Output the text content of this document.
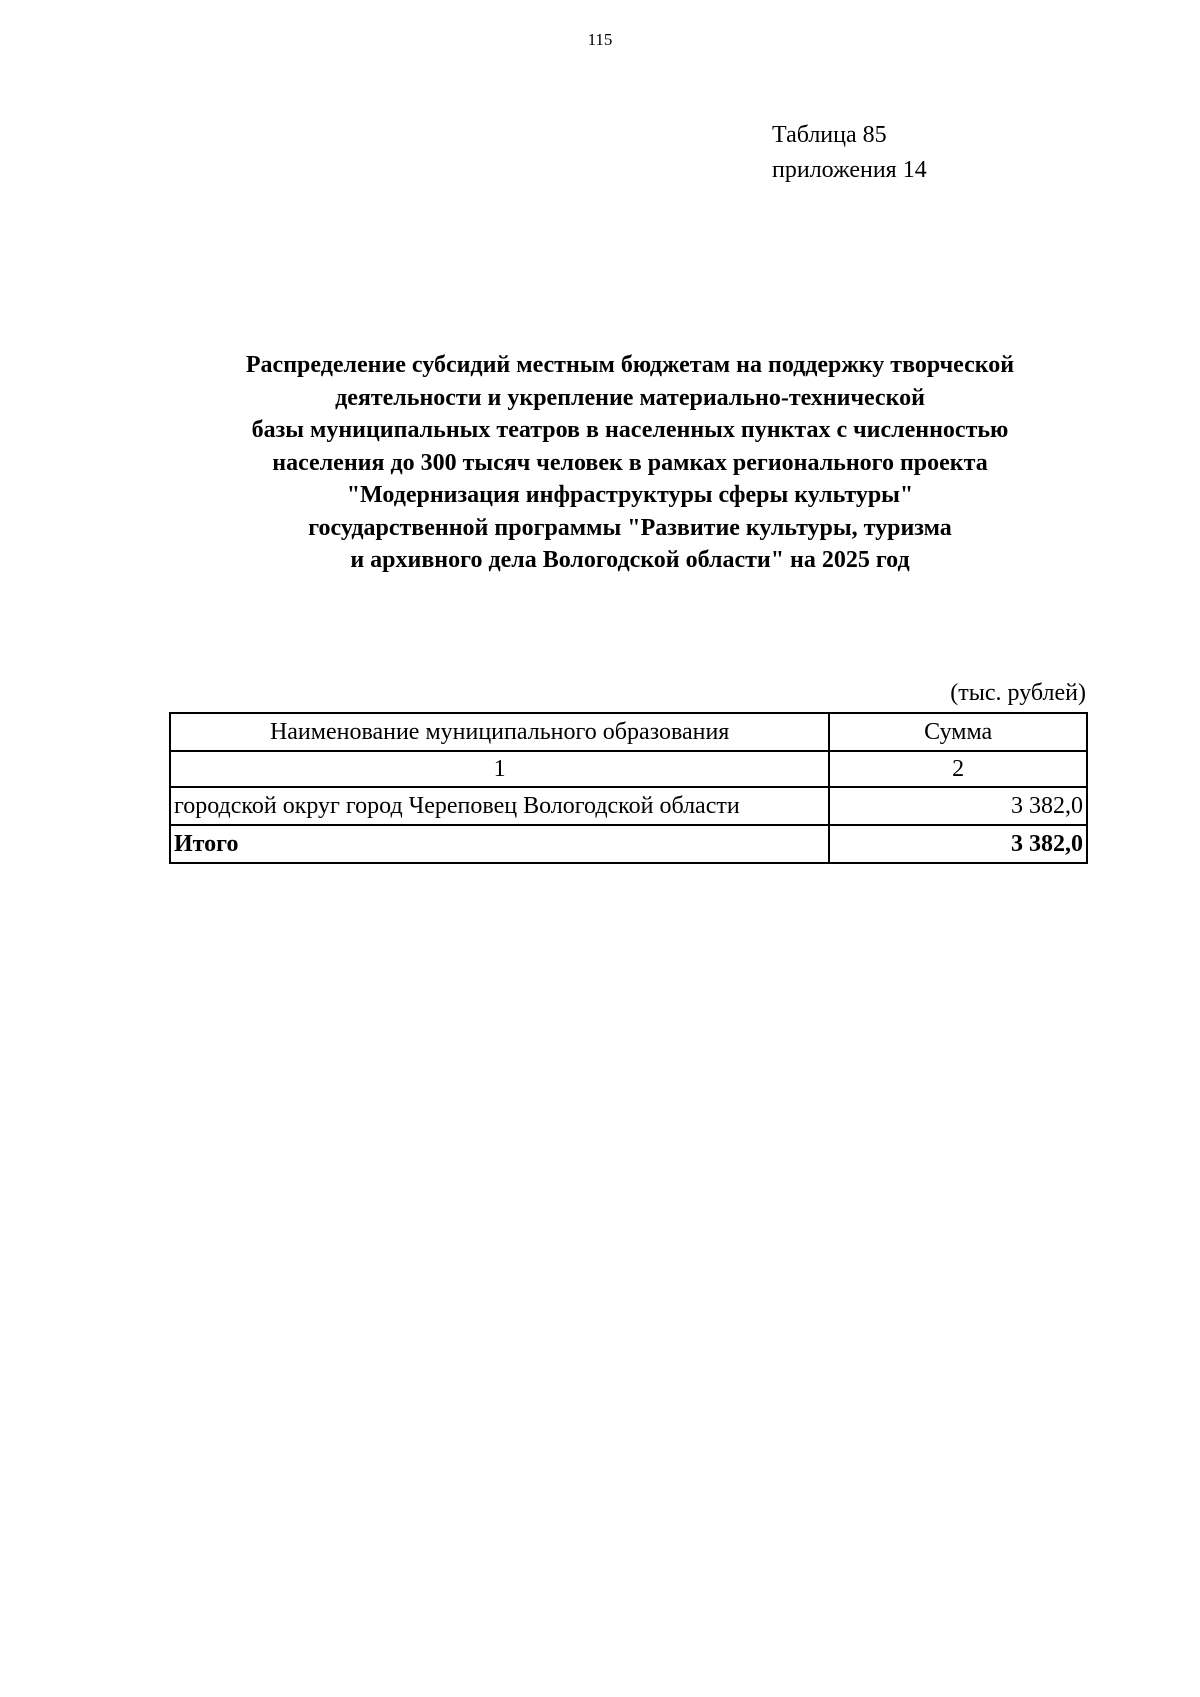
115
Таблица 85
приложения 14
Распределение субсидий местным бюджетам на поддержку творческой
деятельности и укрепление материально-технической
базы муниципальных театров в населенных пунктах с численностью
населения до 300 тысяч человек в рамках регионального проекта
"Модернизация инфраструктуры сферы культуры"
государственной программы "Развитие культуры, туризма
и архивного дела Вологодской области" на 2025 год
(тыс. рублей)
Наименование муниципального образования	Сумма
1	2
городской округ город Череповец Вологодской области	3 382,0
Итого	3 382,0
